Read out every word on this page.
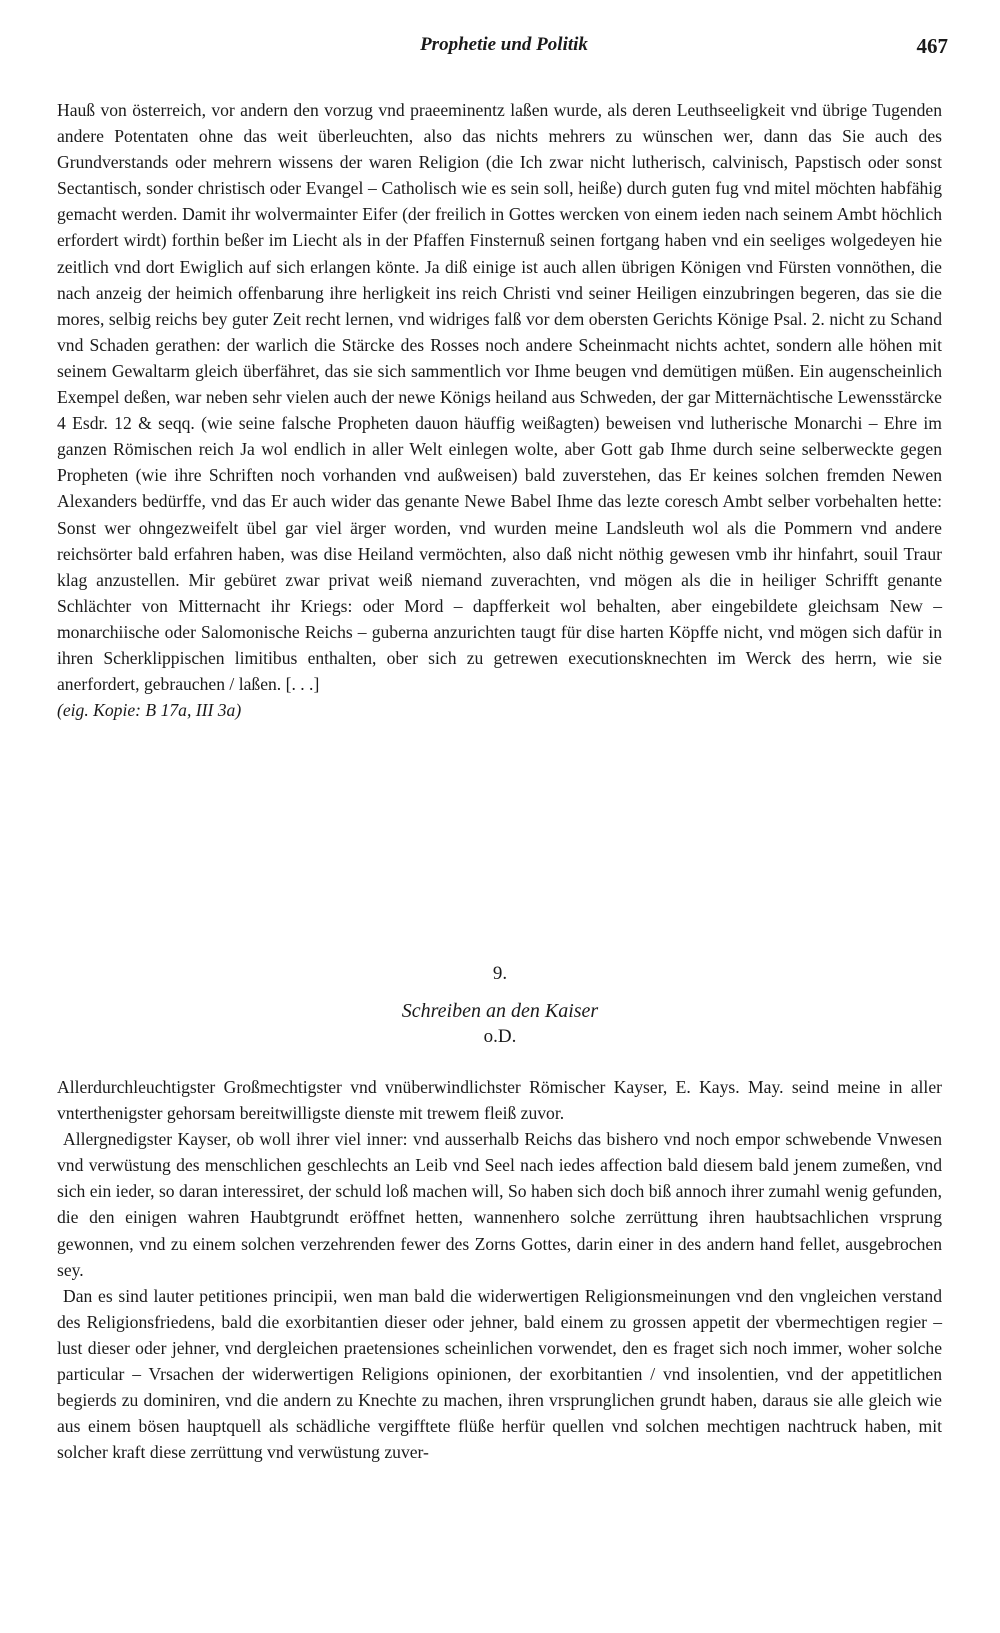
Prophetie und Politik	467

Hauß von österreich, vor andern den vorzug vnd praeeminentz laßen wurde, als deren Leuthseeligkeit vnd übrige Tugenden andere Potentaten ohne das weit überleuchten, also das nichts mehrers zu wünschen wer, dann das Sie auch des Grundverstands oder mehrern wissens der waren Religion (die Ich zwar nicht lutherisch, calvinisch, Papstisch oder sonst Sectantisch, sonder christisch oder Evangel – Catholisch wie es sein soll, heiße) durch guten fug vnd mitel möchten habfähig gemacht werden. Damit ihr wolvermainter Eifer (der freilich in Gottes wercken von einem ieden nach seinem Ambt höchlich erfordert wirdt) forthin beßer im Liecht als in der Pfaffen Finsternuß seinen fortgang haben vnd ein seeliges wolgedeyen hie zeitlich vnd dort Ewiglich auf sich erlangen könte. Ja diß einige ist auch allen übrigen Königen vnd Fürsten vonnöthen, die nach anzeig der heimich offenbarung ihre herligkeit ins reich Christi vnd seiner Heiligen einzubringen begeren, das sie die mores, selbig reichs bey guter Zeit recht lernen, vnd widriges falß vor dem obersten Gerichts Könige Psal. 2. nicht zu Schand vnd Schaden gerathen: der warlich die Stärcke des Rosses noch andere Scheinmacht nichts achtet, sondern alle höhen mit seinem Gewaltarm gleich überfähret, das sie sich sammentlich vor Ihme beugen vnd demütigen müßen. Ein augenscheinlich Exempel deßen, war neben sehr vielen auch der newe Königs heiland aus Schweden, der gar Mitternächtische Lewensstärcke 4 Esdr. 12 & seqq. (wie seine falsche Propheten dauon häuffig weißagten) beweisen vnd lutherische Monarchi – Ehre im ganzen Römischen reich Ja wol endlich in aller Welt einlegen wolte, aber Gott gab Ihme durch seine selberweckte gegen Propheten (wie ihre Schriften noch vorhanden vnd außweisen) bald zuverstehen, das Er keines solchen fremden Newen Alexanders bedürffe, vnd das Er auch wider das genante Newe Babel Ihme das lezte coresch Ambt selber vorbehalten hette: Sonst wer ohngezweifelt übel gar viel ärger worden, vnd wurden meine Landsleuth wol als die Pommern vnd andere reichsörter bald erfahren haben, was dise Heiland vermöchten, also daß nicht nöthig gewesen vmb ihr hinfahrt, souil Traur klag anzustellen. Mir gebüret zwar privat weiß niemand zuverachten, vnd mögen als die in heiliger Schrifft genante Schlächter von Mitternacht ihr Kriegs: oder Mord – dapfferkeit wol behalten, aber eingebildete gleichsam New – monarchiische oder Salomonische Reichs – guberna anzurichten taugt für dise harten Köpffe nicht, vnd mögen sich dafür in ihren Scherklippischen limitibus enthalten, ober sich zu getrewen executionsknechten im Werck des herrn, wie sie anerfordert, gebrauchen / laßen. [. . .]

(eig. Kopie: B 17a, III 3a)

9.
Schreiben an den Kaiser
o.D.

Allerdurchleuchtigster Großmechtigster vnd vnüberwindlichster Römischer Kayser, E. Kays. May. seind meine in aller vnterthenigster gehorsam bereitwilligste dienste mit trewem fleiß zuvor.

Allergnedigster Kayser, ob woll ihrer viel inner: vnd ausserhalb Reichs das bishero vnd noch empor schwebende Vnwesen vnd verwüstung des menschlichen geschlechts an Leib vnd Seel nach iedes affection bald diesem bald jenem zumeßen, vnd sich ein ieder, so daran interessiret, der schuld loß machen will, So haben sich doch biß annoch ihrer zumahl wenig gefunden, die den einigen wahren Haubtgrundt eröffnet hetten, wannenhero solche zerrüttung ihren haubtsachlichen vrsprung gewonnen, vnd zu einem solchen verzehrenden fewer des Zorns Gottes, darin einer in des andern hand fellet, ausgebrochen sey.

Dan es sind lauter petitiones principii, wen man bald die widerwertigen Religionsmeinungen vnd den vngleichen verstand des Religionsfriedens, bald die exorbitantien dieser oder jehner, bald einem zu grossen appetit der vbermechtigen regier – lust dieser oder jehner, vnd dergleichen praetensiones scheinlichen vorwendet, den es fraget sich noch immer, woher solche particular – Vrsachen der widerwertigen Religions opinionen, der exorbitantien / vnd insolentien, vnd der appetitlichen begierds zu dominiren, vnd die andern zu Knechte zu machen, ihren vrsprunglichen grundt haben, daraus sie alle gleich wie aus einem bösen hauptquell als schädliche vergifftete flüße herfür quellen vnd solchen mechtigen nachtruck haben, mit solcher kraft diese zerrüttung vnd verwüstung zuver-
